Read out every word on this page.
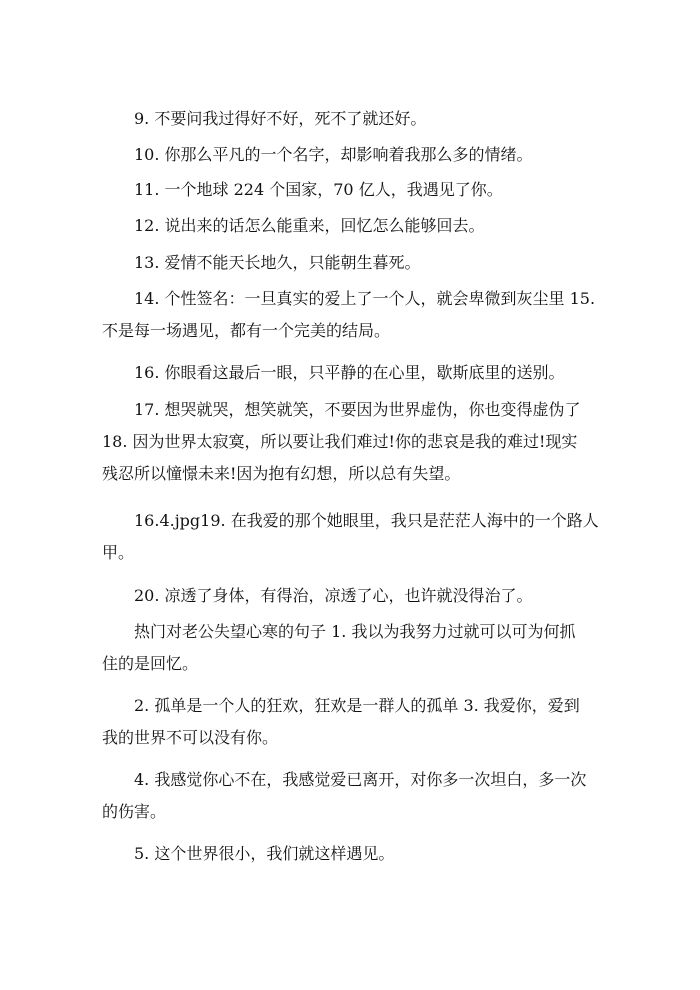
9. 不要问我过得好不好，死不了就还好。
10. 你那么平凡的一个名字，却影响着我那么多的情绪。
11. 一个地球 224 个国家，70 亿人，我遇见了你。
12. 说出来的话怎么能重来，回忆怎么能够回去。
13. 爱情不能天长地久，只能朝生暮死。
14. 个性签名：一旦真实的爱上了一个人，就会卑微到灰尘里 15.
不是每一场遇见，都有一个完美的结局。
16. 你眼看这最后一眼，只平静的在心里，歇斯底里的送别。
17. 想哭就哭，想笑就笑，不要因为世界虚伪，你也变得虚伪了
18. 因为世界太寂寞，所以要让我们难过!你的悲哀是我的难过!现实
残忍所以憧憬未来!因为抱有幻想，所以总有失望。
16.4.jpg19. 在我爱的那个她眼里，我只是茫茫人海中的一个路人
甲。
20. 凉透了身体，有得治，凉透了心，也许就没得治了。
热门对老公失望心寒的句子 1. 我以为我努力过就可以可为何抓
住的是回忆。
2. 孤单是一个人的狂欢，狂欢是一群人的孤单 3. 我爱你，爱到
我的世界不可以没有你。
4. 我感觉你心不在，我感觉爱已离开，对你多一次坦白，多一次
的伤害。
5. 这个世界很小，我们就这样遇见。
